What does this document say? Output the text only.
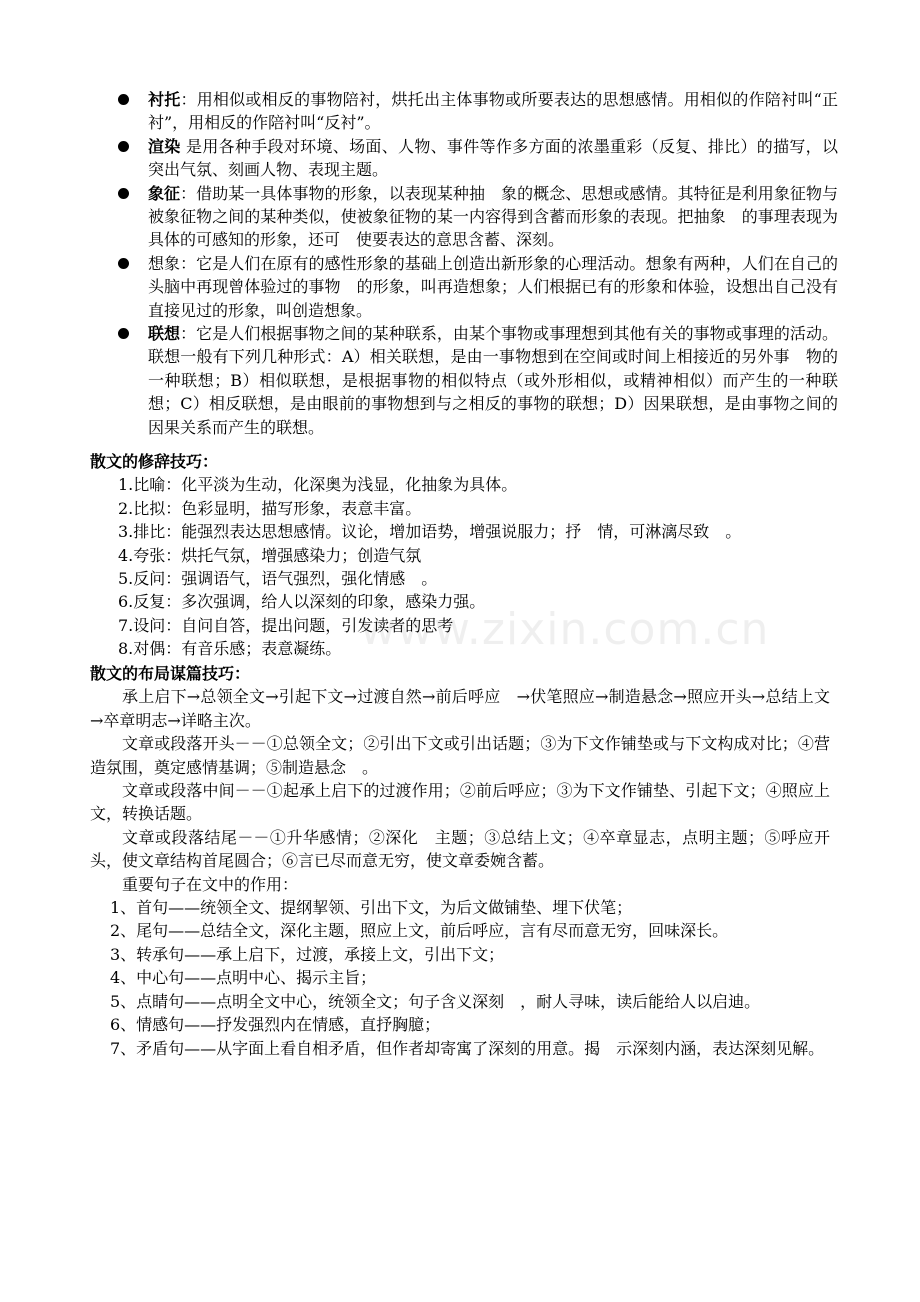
衬托：用相似或相反的事物陪衬，烘托出主体事物或所要表达的思想感情。用相似的作陪衬叫“正衬”，用相反的作陪衬叫“反衬”。
渲染 是用各种手段对环境、场面、人物、事件等作多方面的浓墨重彩（反复、排比）的描写，以突出气氛、刻画人物、表现主题。
象征：借助某一具体事物的形象，以表现某种抽　象的概念、思想或感情。其特征是利用象征物与被象征物之间的某种类似，使被象征物的某一内容得到含蓄而形象的表现。把抽象　的事理表现为具体的可感知的形象，还可　使要表达的意思含蓄、深刻。
想象：它是人们在原有的感性形象的基础上创造出新形象的心理活动。想象有两种，人们在自己的头脑中再现曾体验过的事物　的形象，叫再造想象；人们根据已有的形象和体验，设想出自己没有直接见过的形象，叫创造想象。
联想：它是人们根据事物之间的某种联系，由某个事物或事理想到其他有关的事物或事理的活动。联想一般有下列几种形式：A）相关联想，是由一事物想到在空间或时间上相接近的另外事　物的一种联想；B）相似联想，是根据事物的相似特点（或外形相似，或精神相似）而产生的一种联想；C）相反联想，是由眼前的事物想到与之相反的事物的联想；D）因果联想，是由事物之间的因果关系而产生的联想。

散文的修辞技巧：

1.比喻：化平淡为生动，化深奥为浅显，化抽象为具体。
2.比拟：色彩显明，描写形象，表意丰富。
3.排比：能强烈表达思想感情。议论，增加语势，增强说服力；抒　情，可淋漓尽致　。
4.夸张：烘托气氛，增强感染力；创造气氛
5.反问：强调语气，语气强烈，强化情感　。
6.反复：多次强调，给人以深刻的印象，感染力强。
7.设问：自问自答，提出问题，引发读者的思考
8.对偶：有音乐感；表意凝练。

散文的布局谋篇技巧：

承上启下→总领全文→引起下文→过渡自然→前后呼应　→伏笔照应→制造悬念→照应开头→总结上文→卒章明志→详略主次。

文章或段落开头－－①总领全文；②引出下文或引出话题；③为下文作铺垫或与下文构成对比；④营造氛围，奠定感情基调；⑤制造悬念　。

文章或段落中间－－①起承上启下的过渡作用；②前后呼应；③为下文作铺垫、引起下文；④照应上文，转换话题。

文章或段落结尾－－①升华感情；②深化　主题；③总结上文；④卒章显志，点明主题；⑤呼应开头，使文章结构首尾圆合；⑥言已尽而意无穷，使文章委婉含蓄。

重要句子在文中的作用：

1、首句——统领全文、提纲挈领、引出下文，为后文做铺垫、埋下伏笔；

2、尾句——总结全文，深化主题，照应上文，前后呼应，言有尽而意无穷，回味深长。

3、转承句——承上启下，过渡，承接上文，引出下文；

4、中心句——点明中心、揭示主旨；

5、点睛句——点明全文中心，统领全文；句子含义深刻　，耐人寻味，读后能给人以启迪。

6、情感句——抒发强烈内在情感，直抒胸臆；

7、矛盾句——从字面上看自相矛盾，但作者却寄寓了深刻的用意。揭　示深刻内涵，表达深刻见解。

www.zixin.com.cn
